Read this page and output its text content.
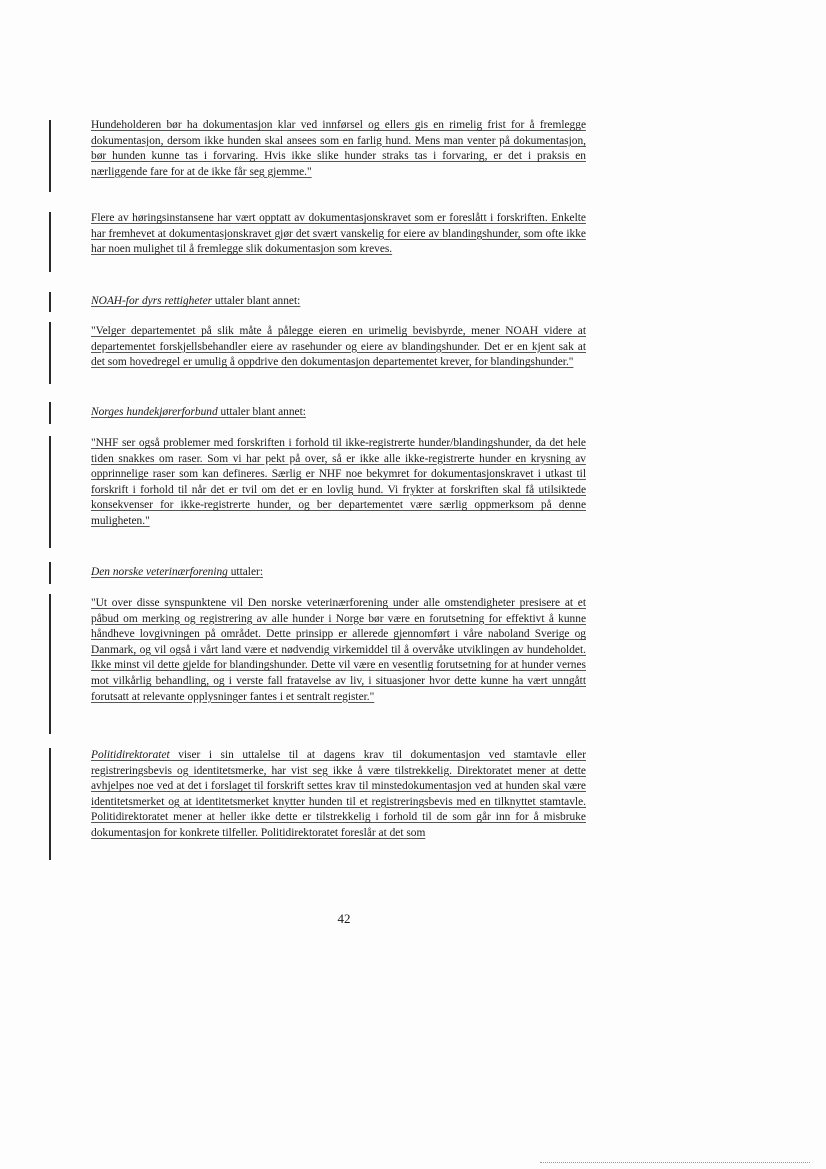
Hundeholderen bør ha dokumentasjon klar ved innførsel og ellers gis en rimelig frist for å fremlegge dokumentasjon, dersom ikke hunden skal ansees som en farlig hund. Mens man venter på dokumentasjon, bør hunden kunne tas i forvaring. Hvis ikke slike hunder straks tas i forvaring, er det i praksis en nærliggende fare for at de ikke får seg gjemme."

Flere av høringsinstansene har vært opptatt av dokumentasjonskravet som er foreslått i forskriften. Enkelte har fremhevet at dokumentasjonskravet gjør det svært vanskelig for eiere av blandingshunder, som ofte ikke har noen mulighet til å fremlegge slik dokumentasjon som kreves.

NOAH-for dyrs rettigheter uttaler blant annet:

"Velger departementet på slik måte å pålegge eieren en urimelig bevisbyrde, mener NOAH videre at departementet forskjellsbehandler eiere av rasehunder og eiere av blandingshunder. Det er en kjent sak at det som hovedregel er umulig å oppdrive den dokumentasjon departementet krever, for blandingshunder."

Norges hundekjørerforbund uttaler blant annet:

"NHF ser også problemer med forskriften i forhold til ikke-registrerte hunder/blandingshunder, da det hele tiden snakkes om raser. Som vi har pekt på over, så er ikke alle ikke-registrerte hunder en krysning av opprinnelige raser som kan defineres. Særlig er NHF noe bekymret for dokumentasjonskravet i utkast til forskrift i forhold til når det er tvil om det er en lovlig hund. Vi frykter at forskriften skal få utilsiktede konsekvenser for ikke-registrerte hunder, og ber departementet være særlig oppmerksom på denne muligheten."

Den norske veterinærforening uttaler:

"Ut over disse synspunktene vil Den norske veterinærforening under alle omstendigheter presisere at et påbud om merking og registrering av alle hunder i Norge bør være en forutsetning for effektivt å kunne håndheve lovgivningen på området. Dette prinsipp er allerede gjennomført i våre naboland Sverige og Danmark, og vil også i vårt land være et nødvendig virkemiddel til å overvåke utviklingen av hundeholdet. Ikke minst vil dette gjelde for blandingshunder. Dette vil være en vesentlig forutsetning for at hunder vernes mot vilkårlig behandling, og i verste fall fratavelse av liv, i situasjoner hvor dette kunne ha vært unngått forutsatt at relevante opplysninger fantes i et sentralt register."

Politidirektoratet viser i sin uttalelse til at dagens krav til dokumentasjon ved stamtavle eller registreringsbevis og identitetsmerke, har vist seg ikke å være tilstrekkelig. Direktoratet mener at dette avhjelpes noe ved at det i forslaget til forskrift settes krav til minstedokumentasjon ved at hunden skal være identitetsmerket og at identitetsmerket knytter hunden til et registreringsbevis med en tilknyttet stamtavle. Politidirektoratet mener at heller ikke dette er tilstrekkelig i forhold til de som går inn for å misbruke dokumentasjon for konkrete tilfeller. Politidirektoratet foreslår at det som

42
